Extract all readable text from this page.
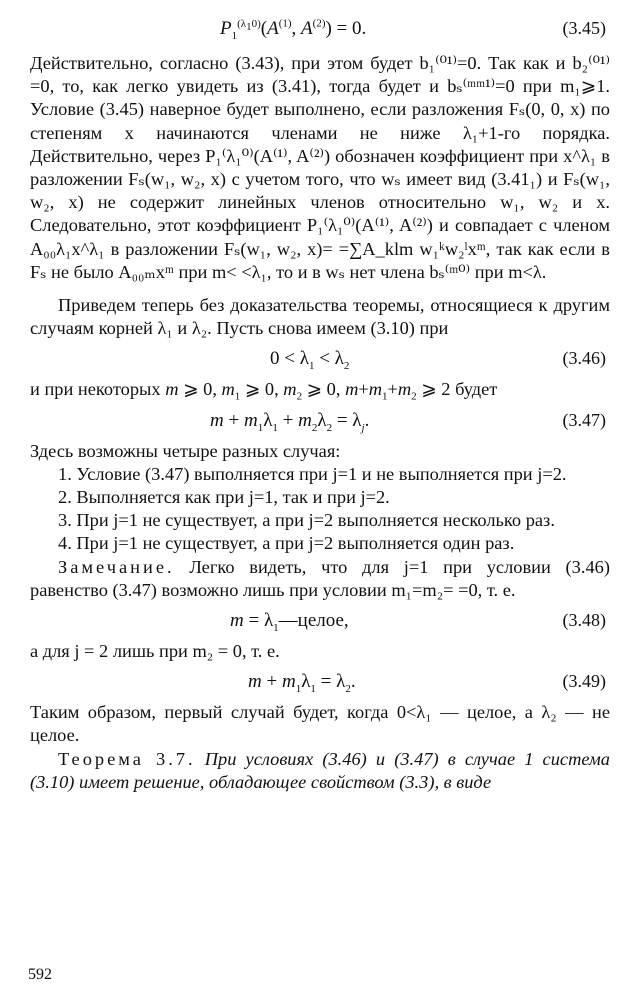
$P_1^{(\lambda_10)}(A^{(1)}$, $A^{(2)}) = 0$.	(3.45)

Действительно, согласно (3.43), при этом будет b₁⁽⁰¹⁾=0. Так как и b₂⁽⁰¹⁾=0, то, как легко увидеть из (3.41), тогда будет и bₛ⁽ᵐᵐ¹⁾=0 при m₁⩾1. Условие (3.45) наверное будет выполнено, если разложения Fₛ(0, 0, x) по степеням x начинаются членами не ниже λ₁+1-го порядка. Действительно, через P₁⁽λ₁⁰⁾(A⁽¹⁾, A⁽²⁾) обозначен коэффициент при x^λ₁ в разложении Fₛ(w₁, w₂, x) с учетом того, что wₛ имеет вид (3.41₁) и Fₛ(w₁, w₂, x) не содержит линейных членов относительно w₁, w₂ и x. Следовательно, этот коэффициент P₁⁽λ₁⁰⁾(A⁽¹⁾, A⁽²⁾) и совпадает с членом A₀₀λ₁x^λ₁ в разложении Fₛ(w₁, w₂, x)= =∑A_klm w₁ᵏw₂ˡxᵐ, так как если в Fₛ не было A₀₀ₘxᵐ при m< <λ₁, то и в wₛ нет члена bₛ⁽ᵐ⁰⁾ при m<λ.

Приведем теперь без доказательства теоремы, относящиеся к другим случаям корней λ₁ и λ₂. Пусть снова имеем (3.10) при

$0 < \lambda_1 < \lambda_2$	(3.46)

и при некоторых m ⩾ 0, $m_1$ ⩾ 0, $m_2$ ⩾ 0, $m+m_1+m_2$ ⩾ 2 будет

$m + m_1\lambda_1 + m_2\lambda_2 = \lambda_j$.	(3.47)

Здесь возможны четыре разных случая:

1. Условие (3.47) выполняется при j=1 и не выполняется при j=2.

2. Выполняется как при j=1, так и при j=2.

3. При j=1 не существует, а при j=2 выполняется несколько раз.

4. При j=1 не существует, а при j=2 выполняется один раз.

Замечание. Легко видеть, что для j=1 при условии (3.46) равенство (3.47) возможно лишь при условии m₁=m₂= =0, т. е.

$m = \lambda_1—целое$,	(3.48)

а для j = 2 лишь при m₂ = 0, т. е.

$m + m_1\lambda_1 = \lambda_2$.	(3.49)

Таким образом, первый случай будет, когда 0<λ₁ — целое, а λ₂ — не целое.

Теорема 3.7. При условиях (3.46) и (3.47) в случае 1 система (3.10) имеет решение, обладающее свойством (3.3), в виде

592
